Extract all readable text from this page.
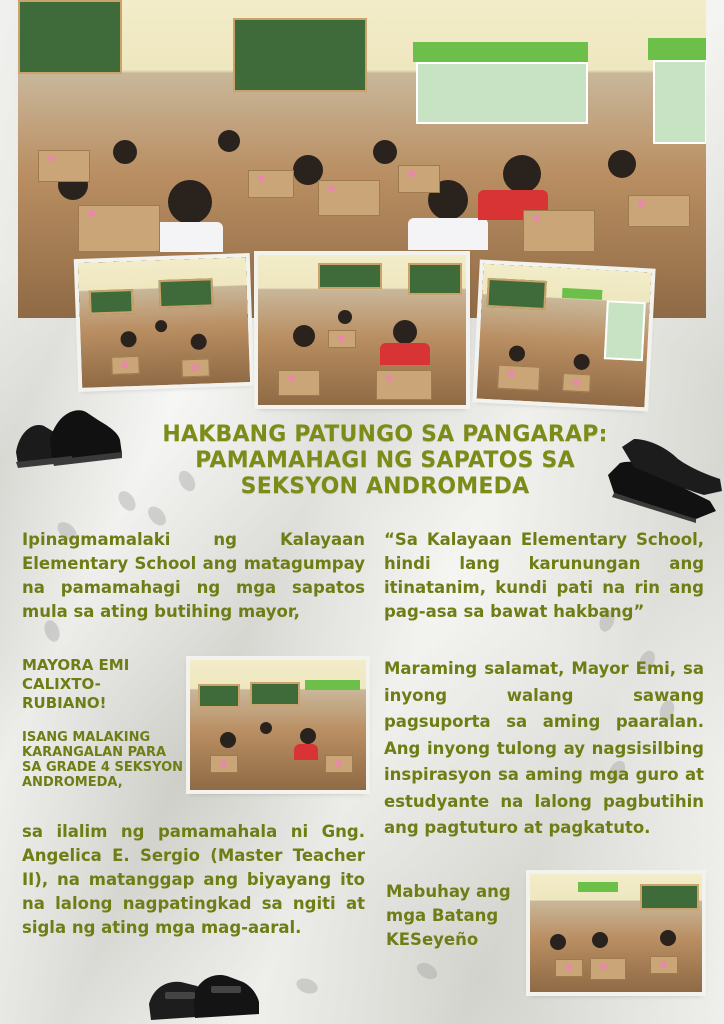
HAKBANG PATUNGO SA PANGARAP:
PAMAMAHAGI NG SAPATOS SA
SEKSYON ANDROMEDA
Ipinagmamalaki ng Kalayaan Elementary School ang matagumpay na pamamahagi ng mga sapatos mula sa ating butihing mayor,
MAYORA EMI CALIXTO-RUBIANO!
ISANG MALAKING KARANGALAN PARA SA GRADE 4 SEKSYON ANDROMEDA,
sa ilalim ng pamamahala ni Gng. Angelica E. Sergio (Master Teacher II), na matanggap ang biyayang ito na lalong nagpatingkad sa ngiti at sigla ng ating mga mag-aaral.
“Sa Kalayaan Elementary School, hindi lang karunungan ang itinatanim, kundi pati na rin ang pag-asa sa bawat hakbang”
Maraming salamat, Mayor Emi, sa inyong walang sawang pagsuporta sa aming paaralan. Ang inyong tulong ay nagsisilbing inspirasyon sa aming mga guro at estudyante na lalong pagbutihin ang pagtuturo at pagkatuto.
Mabuhay ang mga Batang KESeyeño
